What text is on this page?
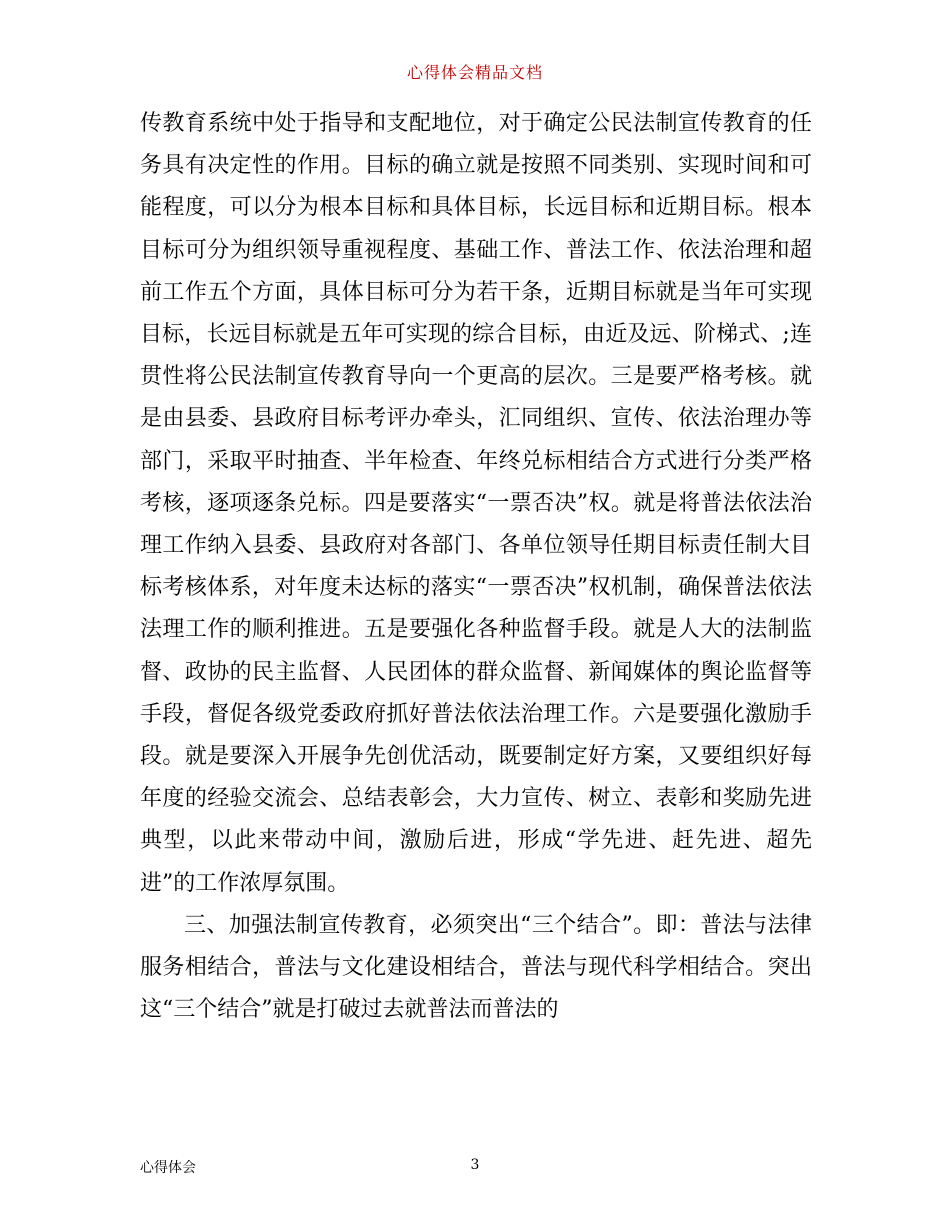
心得体会精品文档

传教育系统中处于指导和支配地位，对于确定公民法制宣传教育的任务具有决定性的作用。目标的确立就是按照不同类别、实现时间和可能程度，可以分为根本目标和具体目标，长远目标和近期目标。根本目标可分为组织领导重视程度、基础工作、普法工作、依法治理和超前工作五个方面，具体目标可分为若干条，近期目标就是当年可实现目标，长远目标就是五年可实现的综合目标，由近及远、阶梯式、;连贯性将公民法制宣传教育导向一个更高的层次。三是要严格考核。就是由县委、县政府目标考评办牵头，汇同组织、宣传、依法治理办等部门，采取平时抽查、半年检查、年终兑标相结合方式进行分类严格考核，逐项逐条兑标。四是要落实“一票否决”权。就是将普法依法治理工作纳入县委、县政府对各部门、各单位领导任期目标责任制大目标考核体系，对年度未达标的落实“一票否决”权机制，确保普法依法法理工作的顺利推进。五是要强化各种监督手段。就是人大的法制监督、政协的民主监督、人民团体的群众监督、新闻媒体的舆论监督等手段，督促各级党委政府抓好普法依法治理工作。六是要强化激励手段。就是要深入开展争先创优活动，既要制定好方案，又要组织好每年度的经验交流会、总结表彰会，大力宣传、树立、表彰和奖励先进典型，以此来带动中间，激励后进，形成“学先进、赶先进、超先进”的工作浓厚氛围。

三、加强法制宣传教育，必须突出“三个结合”。即：普法与法律服务相结合，普法与文化建设相结合，普法与现代科学相结合。突出这“三个结合”就是打破过去就普法而普法的

心得体会	3
